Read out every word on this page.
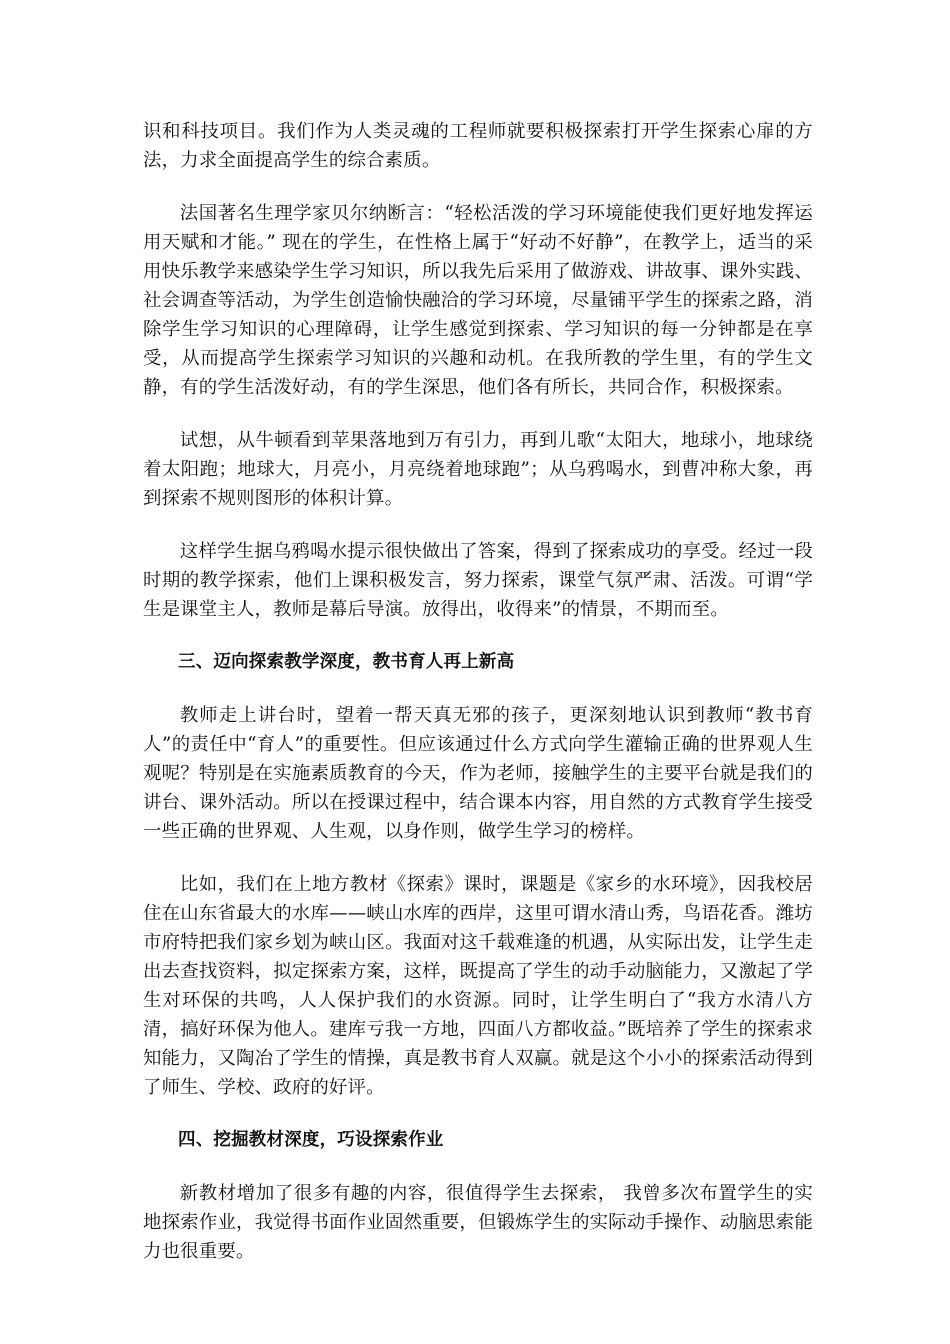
识和科技项目。我们作为人类灵魂的工程师就要积极探索打开学生探索心扉的方法，力求全面提高学生的综合素质。

法国著名生理学家贝尔纳断言：“轻松活泼的学习环境能使我们更好地发挥运用天赋和才能。” 现在的学生，在性格上属于“好动不好静”，在教学上，适当的采用快乐教学来感染学生学习知识，所以我先后采用了做游戏、讲故事、课外实践、社会调查等活动，为学生创造愉快融洽的学习环境，尽量铺平学生的探索之路，消除学生学习知识的心理障碍，让学生感觉到探索、学习知识的每一分钟都是在享受，从而提高学生探索学习知识的兴趣和动机。在我所教的学生里，有的学生文静，有的学生活泼好动，有的学生深思，他们各有所长，共同合作，积极探索。

试想，从牛顿看到苹果落地到万有引力，再到儿歌“太阳大，地球小，地球绕着太阳跑；地球大，月亮小，月亮绕着地球跑”；从乌鸦喝水，到曹冲称大象，再到探索不规则图形的体积计算。

这样学生据乌鸦喝水提示很快做出了答案，得到了探索成功的享受。经过一段时期的教学探索，他们上课积极发言，努力探索，课堂气氛严肃、活泼。可谓“学生是课堂主人，教师是幕后导演。放得出，收得来”的情景，不期而至。

三、迈向探索教学深度，教书育人再上新高

教师走上讲台时，望着一帮天真无邪的孩子，更深刻地认识到教师“教书育人”的责任中“育人”的重要性。但应该通过什么方式向学生灌输正确的世界观人生观呢？特别是在实施素质教育的今天，作为老师，接触学生的主要平台就是我们的讲台、课外活动。所以在授课过程中，结合课本内容，用自然的方式教育学生接受一些正确的世界观、人生观，以身作则，做学生学习的榜样。

比如，我们在上地方教材《探索》课时，课题是《家乡的水环境》，因我校居住在山东省最大的水库——峡山水库的西岸，这里可谓水清山秀，鸟语花香。潍坊市府特把我们家乡划为峡山区。我面对这千载难逢的机遇，从实际出发，让学生走出去查找资料，拟定探索方案，这样，既提高了学生的动手动脑能力，又激起了学生对环保的共鸣，人人保护我们的水资源。同时，让学生明白了“我方水清八方清，搞好环保为他人。建库亏我一方地，四面八方都收益。”既培养了学生的探索求知能力，又陶冶了学生的情操，真是教书育人双赢。就是这个小小的探索活动得到了师生、学校、政府的好评。

四、挖掘教材深度，巧设探索作业

新教材增加了很多有趣的内容，很值得学生去探索， 我曾多次布置学生的实地探索作业，我觉得书面作业固然重要，但锻炼学生的实际动手操作、动脑思索能力也很重要。
